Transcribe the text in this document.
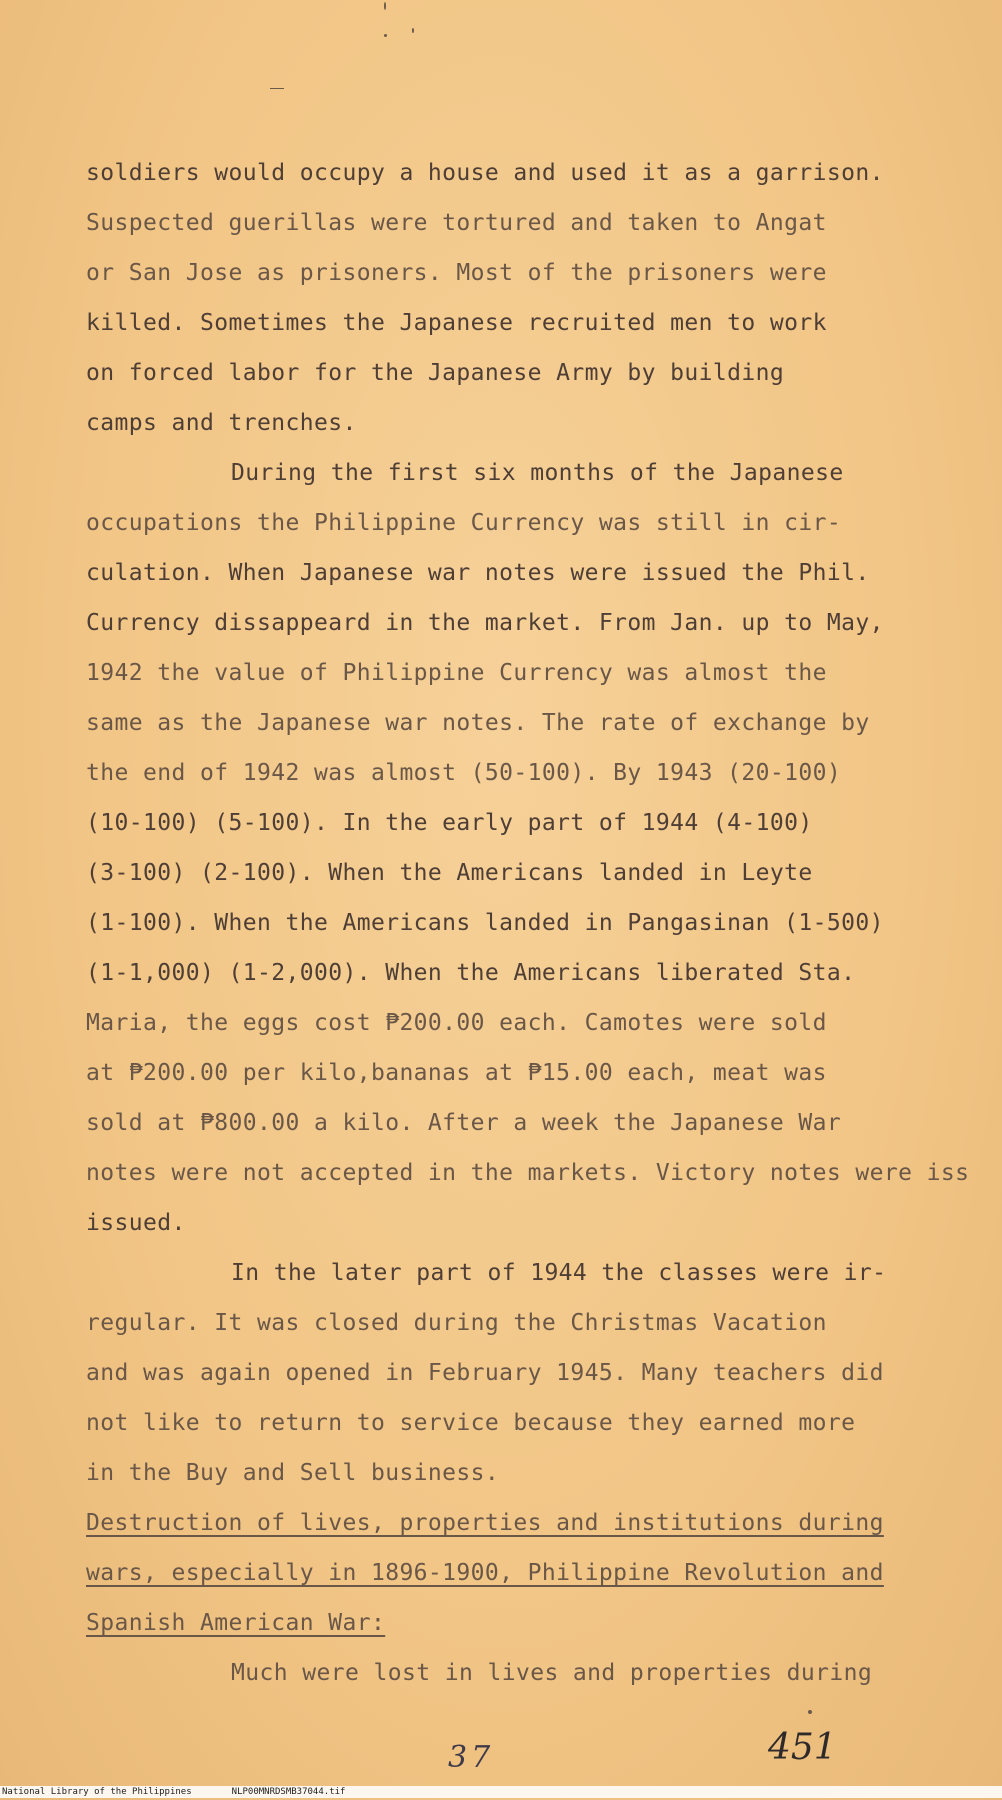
soldiers would occupy a house and used it as a garrison.
Suspected guerillas were tortured and taken to Angat
or San Jose as prisoners. Most of the prisoners were
killed. Sometimes the Japanese recruited men to work
on forced labor for the Japanese Army by building
camps and trenches.
During the first six months of the Japanese
occupations the Philippine Currency was still in cir-
culation. When Japanese war notes were issued the Phil.
Currency dissappeard in the market. From Jan. up to May,
1942 the value of Philippine Currency was almost the
same as the Japanese war notes. The rate of exchange by
the end of 1942 was almost (50-100). By 1943 (20-100)
(10-100) (5-100). In the early part of 1944 (4-100)
(3-100) (2-100). When the Americans landed in Leyte
(1-100). When the Americans landed in Pangasinan (1-500)
(1-1,000) (1-2,000). When the Americans liberated Sta.
Maria, the eggs cost ₱200.00 each. Camotes were sold
at ₱200.00 per kilo,bananas at ₱15.00 each, meat was
sold at ₱800.00 a kilo. After a week the Japanese War
notes were not accepted in the markets. Victory notes were iss
issued.
In the later part of 1944 the classes were ir-
regular. It was closed during the Christmas Vacation
and was again opened in February 1945. Many teachers did
not like to return to service because they earned more
in the Buy and Sell business.
Destruction of lives, properties and institutions during
wars, especially in 1896-1900, Philippine Revolution and
Spanish American War:
Much were lost in lives and properties during
37	451
National Library of the Philippines	NLP00MNRDSMB37044.tif
